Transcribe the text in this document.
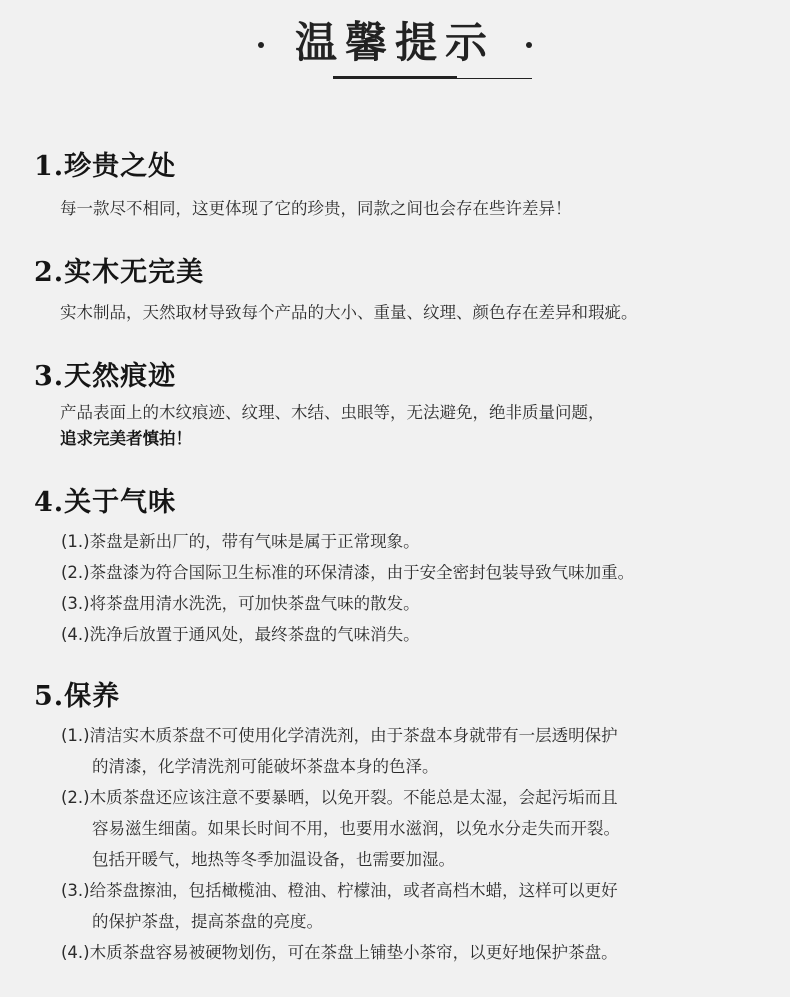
温馨提示
1.珍贵之处
每一款尽不相同，这更体现了它的珍贵，同款之间也会存在些许差异！
2.实木无完美
实木制品，天然取材导致每个产品的大小、重量、纹理、颜色存在差异和瑕疵。
3.天然痕迹
产品表面上的木纹痕迹、纹理、木结、虫眼等，无法避免，绝非质量问题，
追求完美者慎拍！
4.关于气味
(1.)茶盘是新出厂的，带有气味是属于正常现象。
(2.)茶盘漆为符合国际卫生标准的环保清漆，由于安全密封包装导致气味加重。
(3.)将茶盘用清水洗洗，可加快茶盘气味的散发。
(4.)洗净后放置于通风处，最终茶盘的气味消失。
5.保养
(1.)清洁实木质茶盘不可使用化学清洗剂，由于茶盘本身就带有一层透明保护
的清漆，化学清洗剂可能破坏茶盘本身的色泽。
(2.)木质茶盘还应该注意不要暴晒，以免开裂。不能总是太湿，会起污垢而且
容易滋生细菌。如果长时间不用，也要用水滋润，以免水分走失而开裂。
包括开暖气，地热等冬季加温设备，也需要加湿。
(3.)给茶盘擦油，包括橄榄油、橙油、柠檬油，或者高档木蜡，这样可以更好
的保护茶盘，提高茶盘的亮度。
(4.)木质茶盘容易被硬物划伤，可在茶盘上铺垫小茶帘，以更好地保护茶盘。
